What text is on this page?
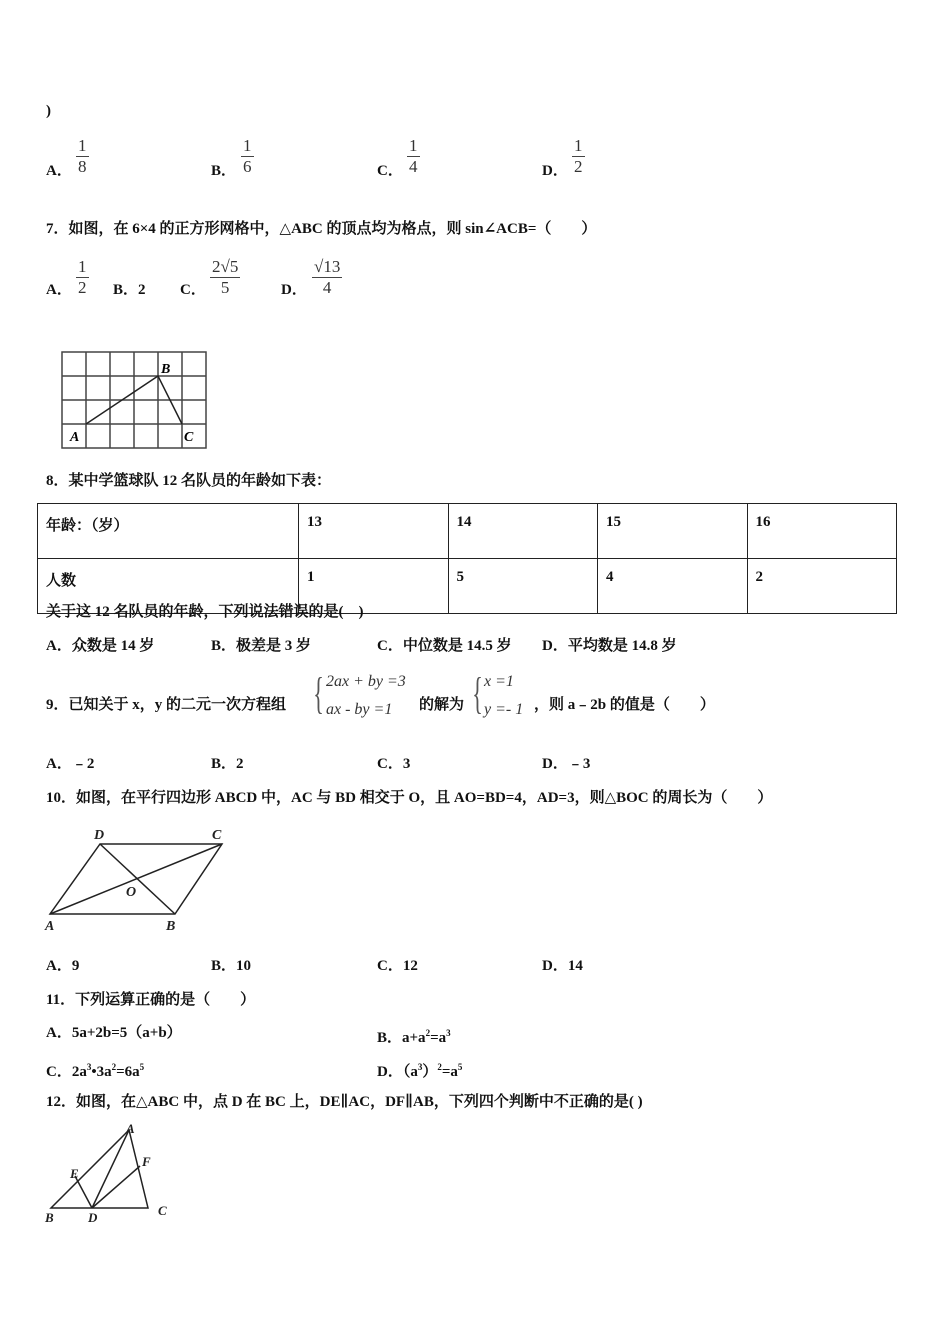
)
A． $\frac{1}{8}$	B． $\frac{1}{6}$	C． $\frac{1}{4}$	D． $\frac{1}{2}$
7．如图，在 6×4 的正方形网格中，△ABC 的顶点均为格点，则 sin∠ACB=（　　）
A． $\frac{1}{2}$ B．2 C． $\frac{2√5}{5}$	D． $\frac{√13}{4}$
A
B
C
8．某中学篮球队 12 名队员的年龄如下表：
年龄：（岁）	13	14	15	16
人数	1	5	4	2
关于这 12 名队员的年龄，下列说法错误的是(　)
A．众数是 14 岁	B．极差是 3 岁	C．中位数是 14.5 岁 D．平均数是 14.8 岁
9．已知关于 x，y 的二元一次方程组 { 2ax + by =3
ax - by =1 的解为 { x =1
y =- 1 ，则 a﹣2b 的值是（　　）
A．﹣2	B．2	C．3	D．﹣3
10．如图，在平行四边形 ABCD 中，AC 与 BD 相交于 O，且 AO=BD=4，AD=3，则△BOC 的周长为（　　）
A	B
C
D
O
A．9	B．10	C．12	D．14
11．下列运算正确的是（　　）
A．5a+2b=5（a+b）	B．$a+a^2=a^3$
C．$2a^3•3a^2=6a^5$	D．$(a^3)^2=a^5$
12．如图，在△ABC 中，点 D 在 BC 上，DE∥AC，DF∥AB，下列四个判断中不正确的是( )
A
B	C
D
E
F
